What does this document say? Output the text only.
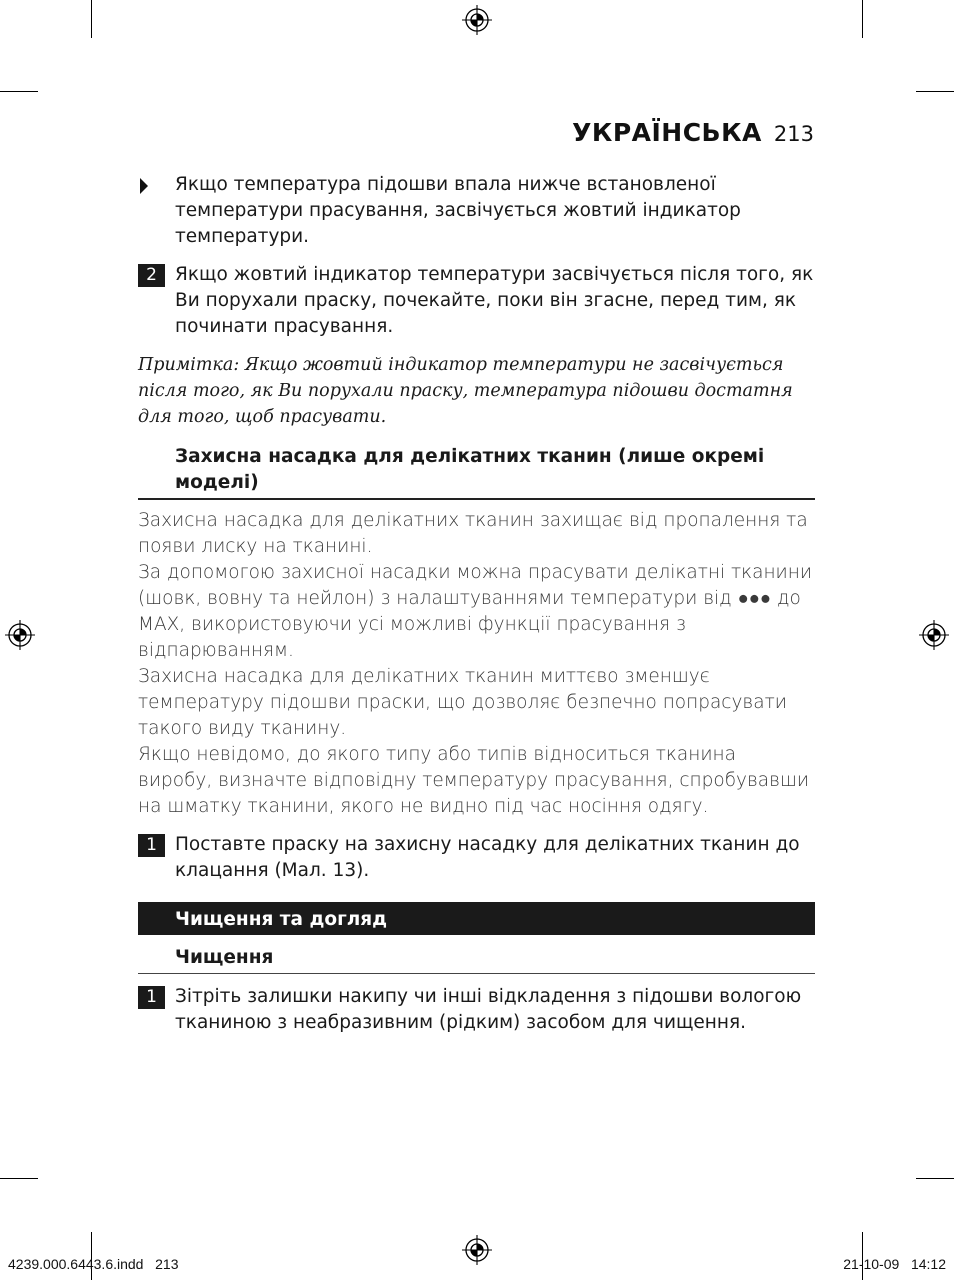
УКРАЇНСЬКА 213
Якщо температура підошви впала нижче встановленої температури прасування, засвічується жовтий індикатор температури.
2 Якщо жовтий індикатор температури засвічується після того, як Ви поруxали праску, почекайте, поки він згасне, перед тим, як починати прасування.
Примітка: Якщо жовтий індикатор температури не засвічується після того, як Ви поруxали праску, температура підошви достатня для того, щоб прасувати.
Захисна насадка для делікатних тканин (лише окремі моделі)
Захисна насадка для делікатних тканин захищає від пропалення та появи лиску на тканині.
За допомогою захисної насадки можна прасувати делікатні тканини (шовк, вовну та нейлон) з налаштуваннями температури від ●●● до MAX, використовуючи усі можливі функції прасування з відпарюванням.
Захисна насадка для делікатних тканин миттєво зменшує температуру підошви праски, що дозволяє безпечно попрасувати такого виду тканину.
Якщо невідомо, до якого типу або типів відноситься тканина виробу, визначте відповідну температуру прасування, спробувавши на шматку тканини, якого не видно під час носіння одягу.
1 Поставте праску на захисну насадку для делікатних тканин до клацання (Мал. 13).
Чищення та догляд
Чищення
1 Зітріть залишки накипу чи інші відкладення з підошви вологою тканиною з неабразивним (рідким) засобом для чищення.
4239.000.6443.6.indd   213	21-10-09   14:12
